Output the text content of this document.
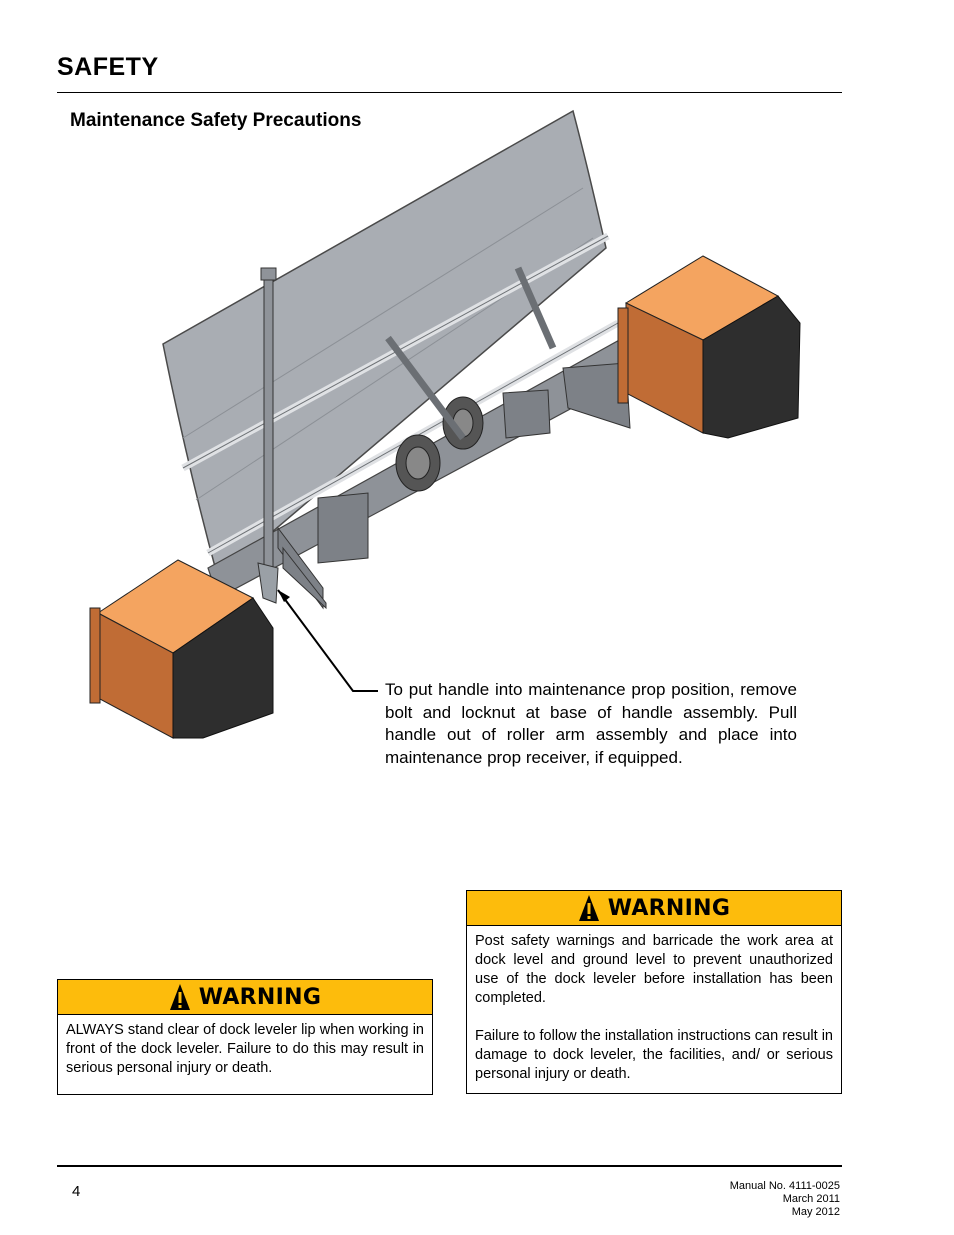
SAFETY
Maintenance Safety Precautions
To put handle into maintenance prop position, remove bolt and locknut at base of handle assembly. Pull handle out of roller arm assembly and place into maintenance prop receiver, if equipped.
WARNING

Post safety warnings and barricade the work area at dock level and ground level to prevent unauthorized use of the dock leveler before installation has been completed.

Failure to follow the installation instructions can result in damage to dock leveler, the facilities, and/ or serious personal injury or death.

WARNING

ALWAYS stand clear of dock leveler lip when working in front of the dock leveler. Failure to do this may result in serious personal injury or death.

4	Manual No. 4111-0025
March 2011
May 2012
